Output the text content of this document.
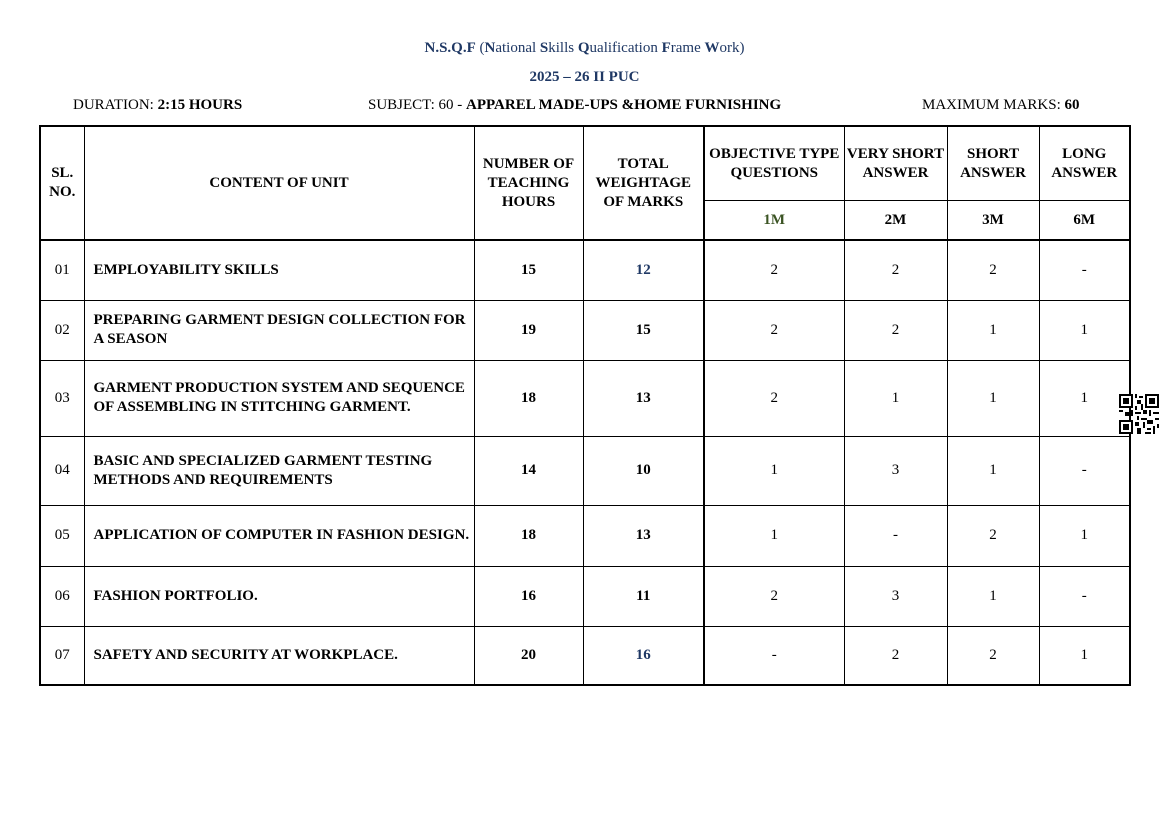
N.S.Q.F (National Skills Qualification Frame Work)
2025 – 26 II PUC
DURATION: 2:15 HOURS	SUBJECT: 60 - APPAREL MADE-UPS &HOME FURNISHING	MAXIMUM MARKS: 60
SL. NO.	CONTENT OF UNIT	NUMBER OF TEACHING HOURS	TOTAL WEIGHTAGE OF MARKS	OBJECTIVE TYPE QUESTIONS	VERY SHORT ANSWER	SHORT ANSWER	LONG ANSWER
				1M	2M	3M	6M
01	EMPLOYABILITY SKILLS	15	12	2	2	2	-
02	PREPARING GARMENT DESIGN COLLECTION FOR A SEASON	19	15	2	2	1	1
03	GARMENT PRODUCTION SYSTEM AND SEQUENCE OF ASSEMBLING IN STITCHING GARMENT.	18	13	2	1	1	1
04	BASIC AND SPECIALIZED GARMENT TESTING METHODS AND REQUIREMENTS	14	10	1	3	1	-
05	APPLICATION OF COMPUTER IN FASHION DESIGN.	18	13	1	-	2	1
06	FASHION PORTFOLIO.	16	11	2	3	1	-
07	SAFETY AND SECURITY AT WORKPLACE.	20	16	-	2	2	1
